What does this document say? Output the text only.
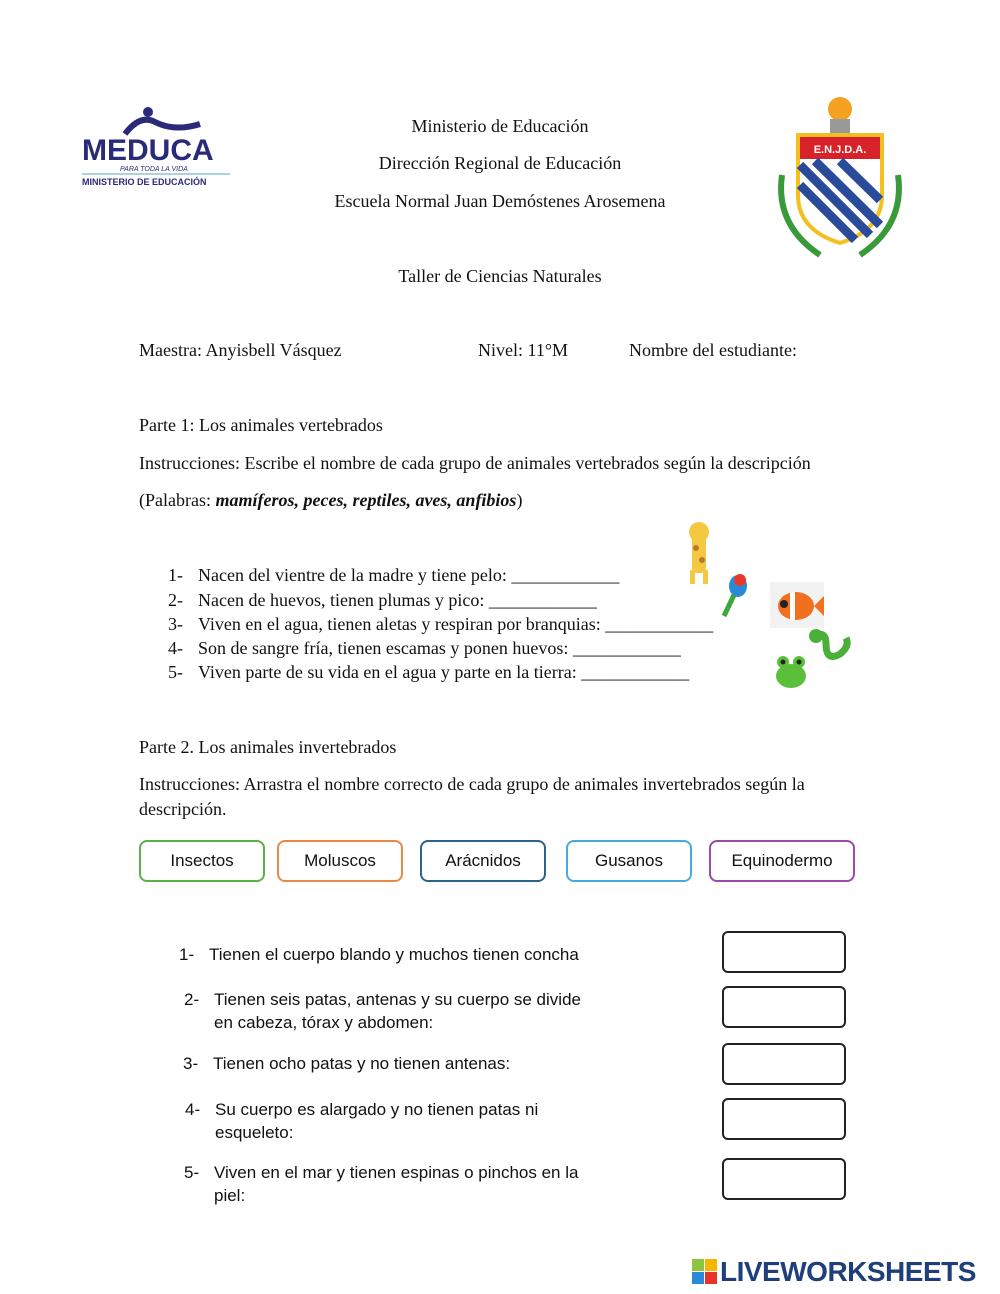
MEDUCA
PARA TODA LA VIDA
MINISTERIO DE EDUCACIÓN
E.N.J.D.A.
Ministerio de Educación
Dirección Regional de Educación
Escuela Normal Juan Demóstenes Arosemena
Taller de Ciencias Naturales
Maestra: Anyisbell Vásquez	Nivel: 11°M	Nombre del estudiante:
Parte 1: Los animales vertebrados
Instrucciones: Escribe el nombre de cada grupo de animales vertebrados según la descripción
(Palabras: mamíferos, peces, reptiles, aves, anfibios)
1- Nacen del vientre de la madre y tiene pelo: ____________
2- Nacen de huevos, tienen plumas y pico: ____________
3- Viven en el agua, tienen aletas y respiran por branquias: ____________
4- Son de sangre fría, tienen escamas y ponen huevos: ____________
5- Viven parte de su vida en el agua y parte en la tierra: ____________
Parte 2. Los animales invertebrados
Instrucciones: Arrastra el nombre correcto de cada grupo de animales invertebrados según la
descripción.
Insectos	Moluscos	Arácnidos	Gusanos	Equinodermo
1- Tienen el cuerpo blando y muchos tienen concha
2- Tienen seis patas, antenas y su cuerpo se divide
en cabeza, tórax y abdomen:
3- Tienen ocho patas y no tienen antenas:
4- Su cuerpo es alargado y no tienen patas ni
esqueleto:
5- Viven en el mar y tienen espinas o pinchos en la
piel:
LIVEWORKSHEETS
